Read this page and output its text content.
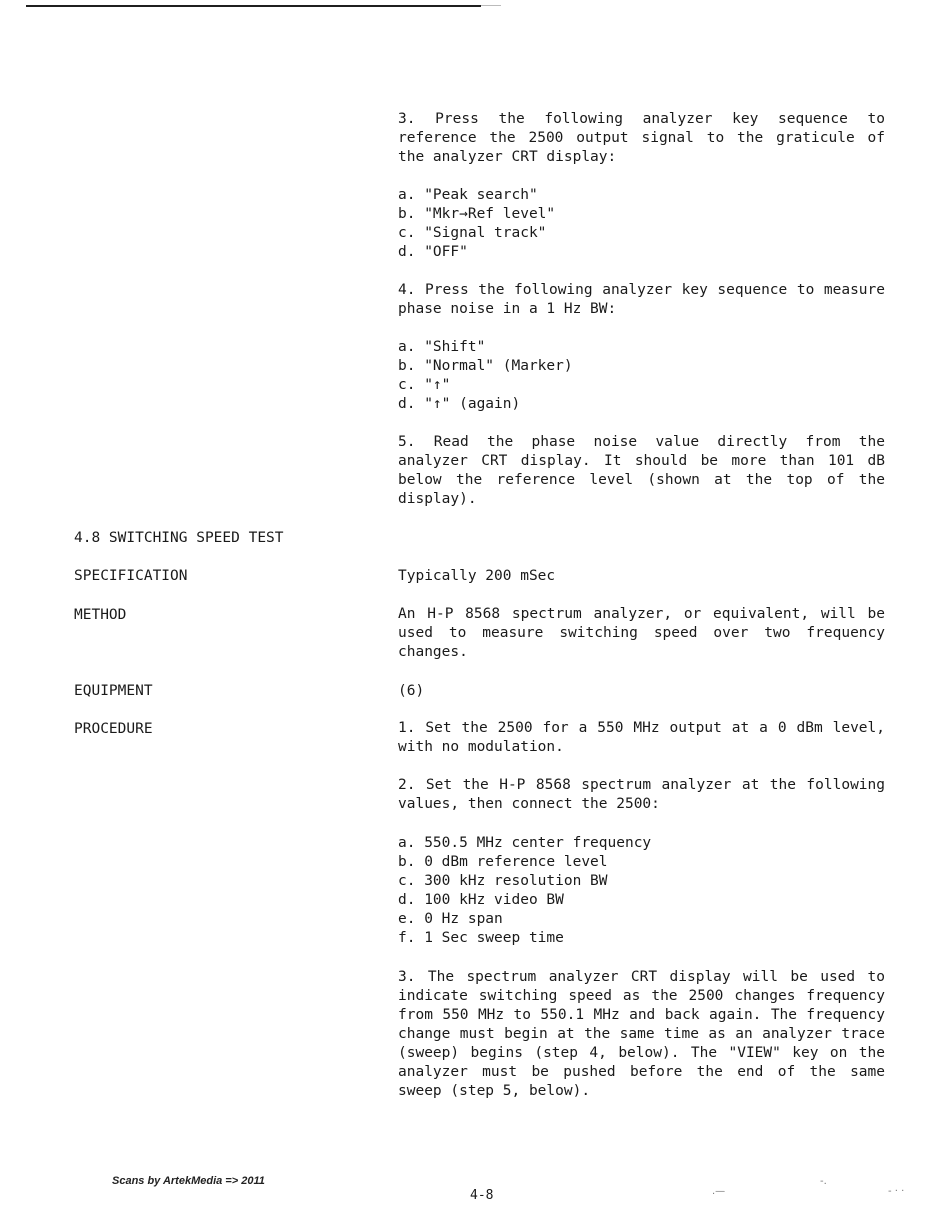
3. Press the following analyzer key sequence to reference the 2500 output signal to the graticule of the analyzer CRT display:

a. "Peak search"
b. "Mkr→Ref level"
c. "Signal track"
d. "OFF"

4. Press the following analyzer key sequence to measure phase noise in a 1 Hz BW:

a. "Shift"
b. "Normal" (Marker)
c. "↑"
d. "↑" (again)

5. Read the phase noise value directly from the analyzer CRT display. It should be more than 101 dB below the reference level (shown at the top of the display).

4.8 SWITCHING SPEED TEST
SPECIFICATION	Typically 200 mSec
METHOD	An H-P 8568 spectrum analyzer, or equivalent, will be used to measure switching speed over two frequency changes.

EQUIPMENT	(6)
PROCEDURE	1. Set the 2500 for a 550 MHz output at a 0 dBm level, with no modulation.

2. Set the H-P 8568 spectrum analyzer at the following values, then connect the 2500:

a. 550.5 MHz center frequency
b. 0 dBm reference level
c. 300 kHz resolution BW
d. 100 kHz video BW
e. 0 Hz span
f. 1 Sec sweep time

3. The spectrum analyzer CRT display will be used to indicate switching speed as the 2500 changes frequency from 550 MHz to 550.1 MHz and back again. The frequency change must begin at the same time as an analyzer trace (sweep) begins (step 4, below). The "VIEW" key on the analyzer must be pushed before the end of the same sweep (step 5, below).

Scans by ArtekMedia => 2011
4-8	.—
-.
- · ·
